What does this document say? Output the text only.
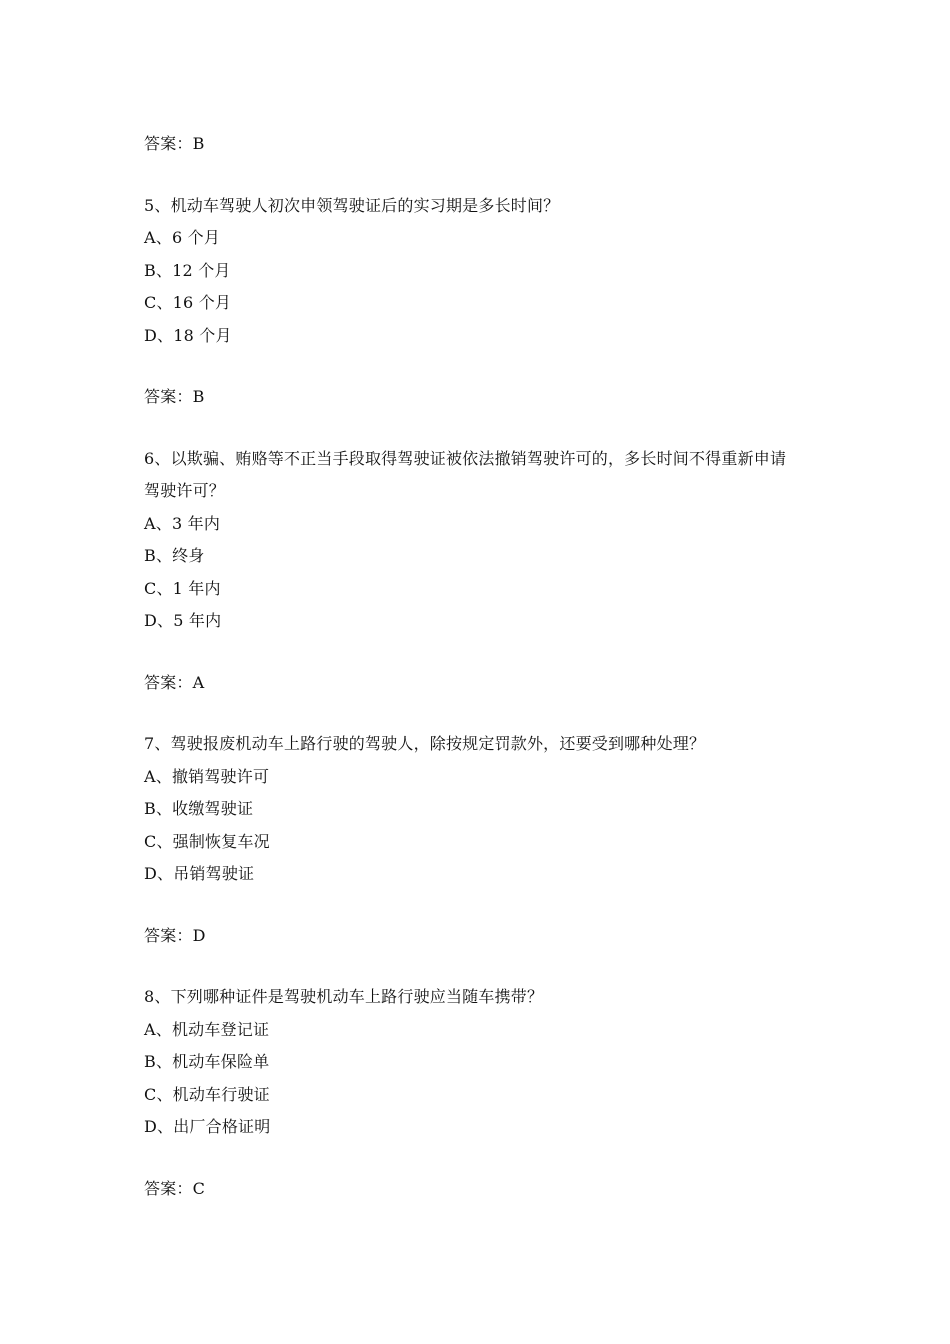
答案：B
5、机动车驾驶人初次申领驾驶证后的实习期是多长时间？
A、6 个月
B、12 个月
C、16 个月
D、18 个月
答案：B
6、以欺骗、贿赂等不正当手段取得驾驶证被依法撤销驾驶许可的，多长时间不得重新申请
驾驶许可？
A、3 年内
B、终身
C、1 年内
D、5 年内
答案：A
7、驾驶报废机动车上路行驶的驾驶人，除按规定罚款外，还要受到哪种处理？
A、撤销驾驶许可
B、收缴驾驶证
C、强制恢复车况
D、吊销驾驶证
答案：D
8、下列哪种证件是驾驶机动车上路行驶应当随车携带？
A、机动车登记证
B、机动车保险单
C、机动车行驶证
D、出厂合格证明
答案：C
